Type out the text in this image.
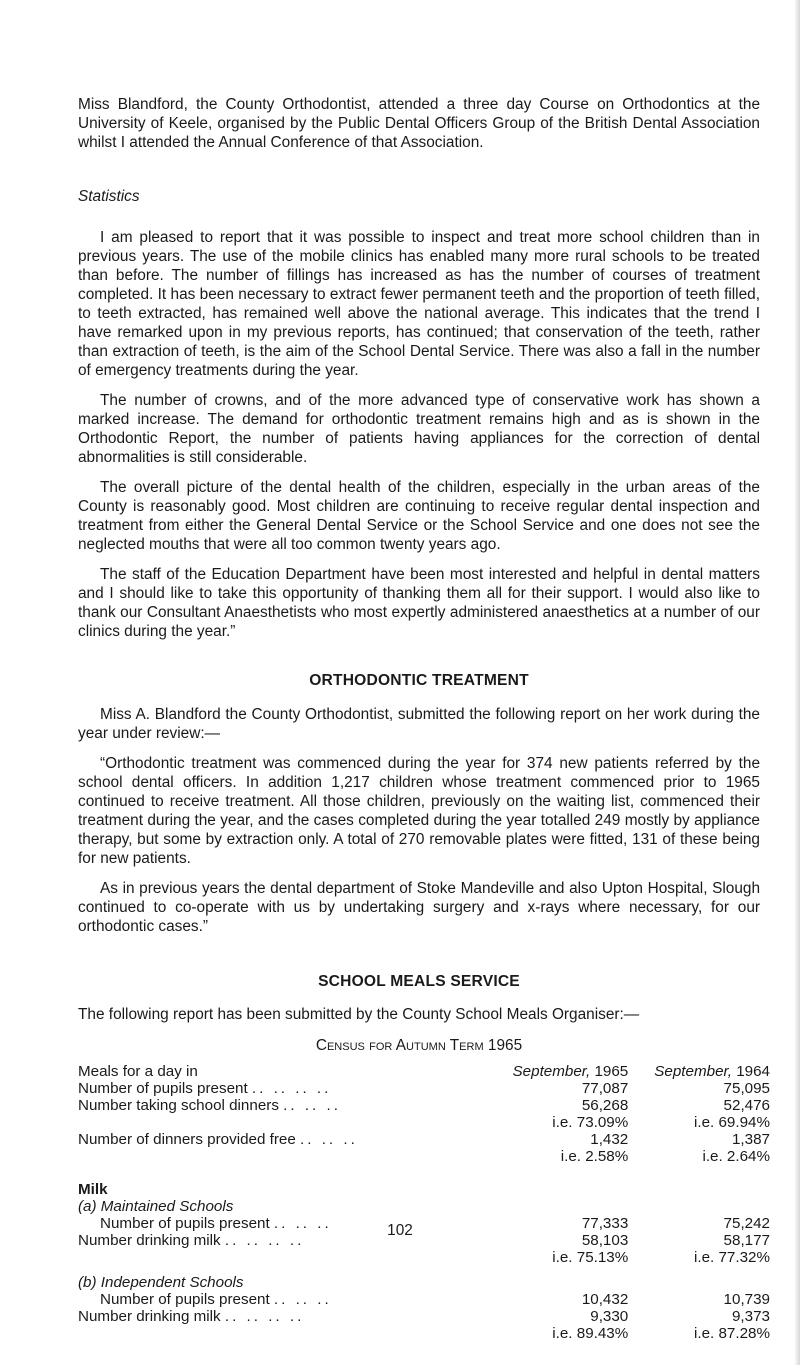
Miss Blandford, the County Orthodontist, attended a three day Course on Orthodontics at the University of Keele, organised by the Public Dental Officers Group of the British Dental Association whilst I attended the Annual Conference of that Association.

Statistics

I am pleased to report that it was possible to inspect and treat more school children than in previous years. The use of the mobile clinics has enabled many more rural schools to be treated than before. The number of fillings has increased as has the number of courses of treatment completed. It has been necessary to extract fewer permanent teeth and the proportion of teeth filled, to teeth extracted, has remained well above the national average. This indicates that the trend I have remarked upon in my previous reports, has continued; that conservation of the teeth, rather than extraction of teeth, is the aim of the School Dental Service. There was also a fall in the number of emergency treatments during the year.

The number of crowns, and of the more advanced type of conservative work has shown a marked increase. The demand for orthodontic treatment remains high and as is shown in the Orthodontic Report, the number of patients having appliances for the correction of dental abnormalities is still considerable.

The overall picture of the dental health of the children, especially in the urban areas of the County is reasonably good. Most children are continuing to receive regular dental inspection and treatment from either the General Dental Service or the School Service and one does not see the neglected mouths that were all too common twenty years ago.

The staff of the Education Department have been most interested and helpful in dental matters and I should like to take this opportunity of thanking them all for their support. I would also like to thank our Consultant Anaesthetists who most expertly administered anaesthetics at a number of our clinics during the year.”

ORTHODONTIC TREATMENT

Miss A. Blandford the County Orthodontist, submitted the following report on her work during the year under review:—

“Orthodontic treatment was commenced during the year for 374 new patients referred by the school dental officers. In addition 1,217 children whose treatment commenced prior to 1965 continued to receive treatment. All those children, previously on the waiting list, commenced their treatment during the year, and the cases completed during the year totalled 249 mostly by appliance therapy, but some by extraction only. A total of 270 removable plates were fitted, 131 of these being for new patients.

As in previous years the dental department of Stoke Mandeville and also Upton Hospital, Slough continued to co-operate with us by undertaking surgery and x-rays where necessary, for our orthodontic cases.”

SCHOOL MEALS SERVICE

The following report has been submitted by the County School Meals Organiser:—

Census for Autumn Term 1965

Meals for a day in	September, 1965	September, 1964
Number of pupils present .. .. .. ..	77,087	75,095
Number taking school dinners .. .. ..	56,268	52,476
	i.e. 73.09%	i.e. 69.94%
Number of dinners provided free .. .. ..	1,432	1,387
	i.e. 2.58%	i.e. 2.64%

Milk		
(a) Maintained Schools		
Number of pupils present .. .. ..	77,333	75,242
Number drinking milk .. .. .. ..	58,103	58,177
	i.e. 75.13%	i.e. 77.32%

(b) Independent Schools		
Number of pupils present .. .. ..	10,432	10,739
Number drinking milk .. .. .. ..	9,330	9,373
	i.e. 89.43%	i.e. 87.28%
102
